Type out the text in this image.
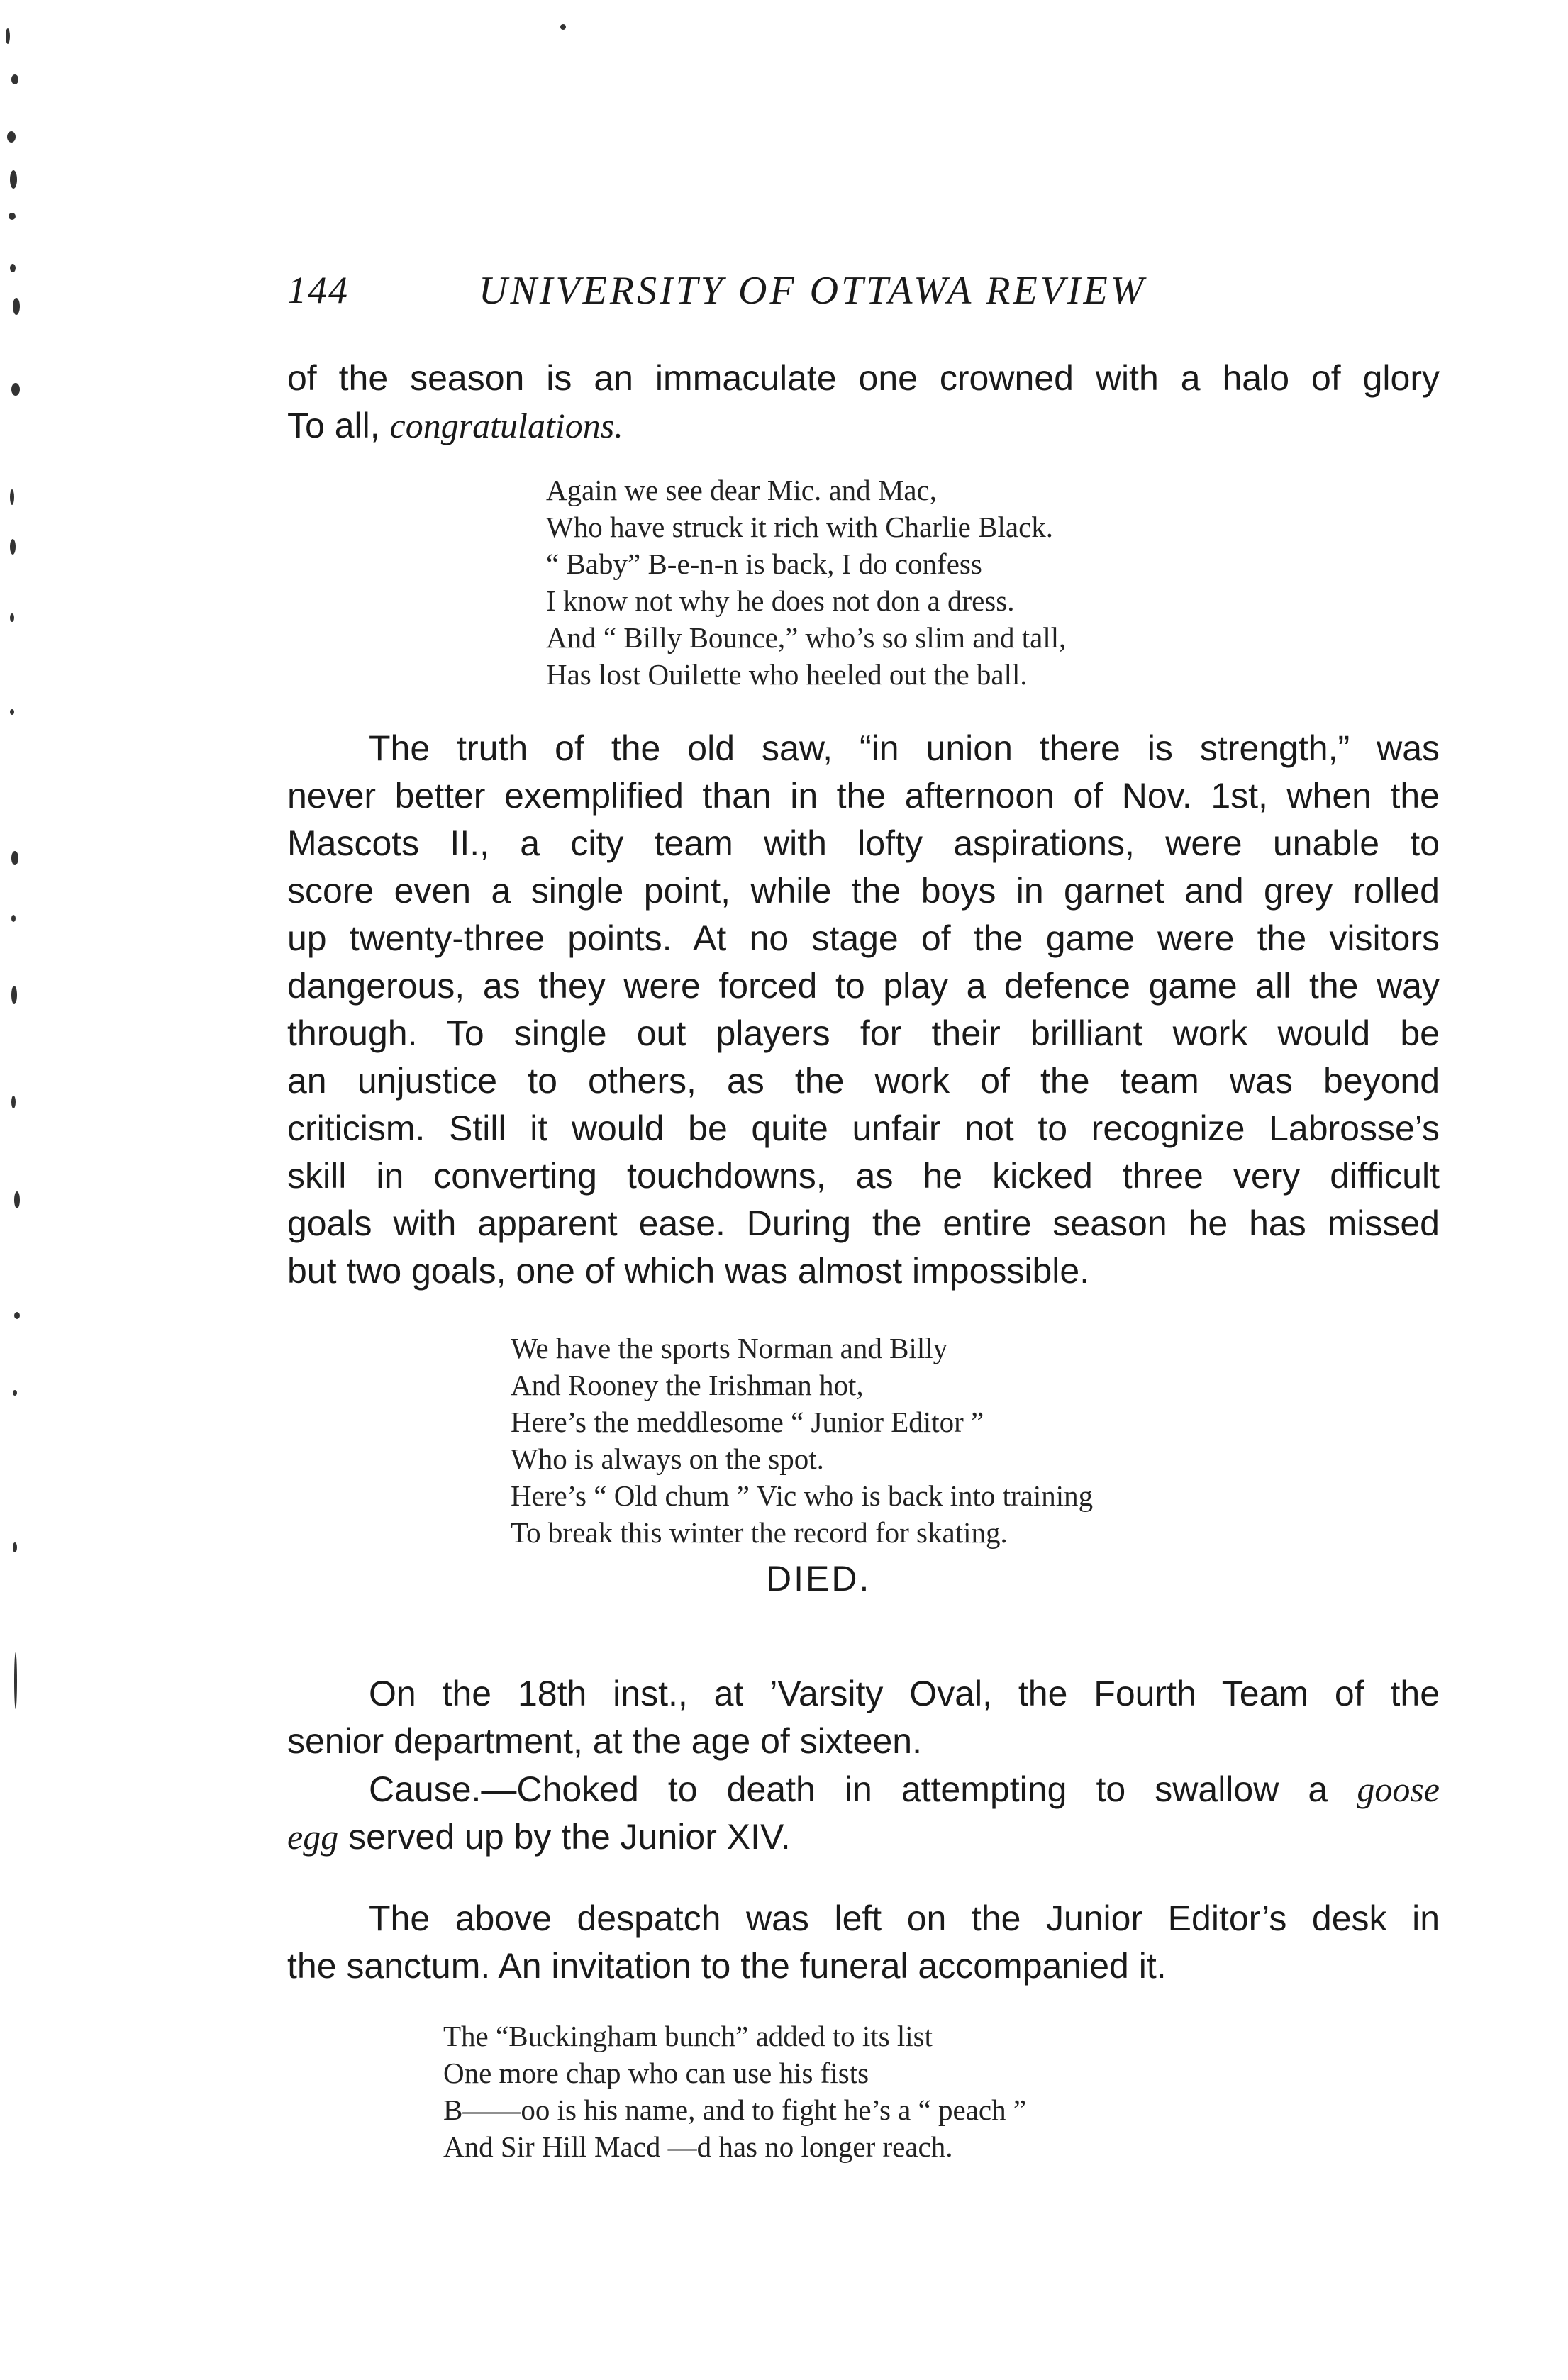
144	UNIVERSITY OF OTTAWA REVIEW
of the season is an immaculate one crowned with a halo of glory
To all, congratulations.
Again we see dear Mic. and Mac,
Who have struck it rich with Charlie Black.
“ Baby” B-e-n-n is back, I do confess
I know not why he does not don a dress.
And “ Billy Bounce,” who’s so slim and tall,
Has lost Ouilette who heeled out the ball.
The truth of the old saw, “in union there is strength,” was
never better exemplified than in the afternoon of Nov. 1st, when the
Mascots II., a city team with lofty aspirations, were unable to
score even a single point, while the boys in garnet and grey rolled
up twenty-three points. At no stage of the game were the visitors
dangerous, as they were forced to play a defence game all the way
through. To single out players for their brilliant work would be
an unjustice to others, as the work of the team was beyond
criticism. Still it would be quite unfair not to recognize Labrosse’s
skill in converting touchdowns, as he kicked three very difficult
goals with apparent ease. During the entire season he has missed
but two goals, one of which was almost impossible.
We have the sports Norman and Billy
And Rooney the Irishman hot,
Here’s the meddlesome “ Junior Editor ”
Who is always on the spot.
Here’s “ Old chum ” Vic who is back into training
To break this winter the record for skating.
DIED.
On the 18th inst., at ’Varsity Oval, the Fourth Team of the
senior department, at the age of sixteen.
Cause.—Choked to death in attempting to swallow a goose
egg served up by the Junior XIV.
The above despatch was left on the Junior Editor’s desk in
the sanctum. An invitation to the funeral accompanied it.
The “Buckingham bunch” added to its list
One more chap who can use his fists
B——oo is his name, and to fight he’s a “ peach ”
And Sir Hill Macd —d has no longer reach.
